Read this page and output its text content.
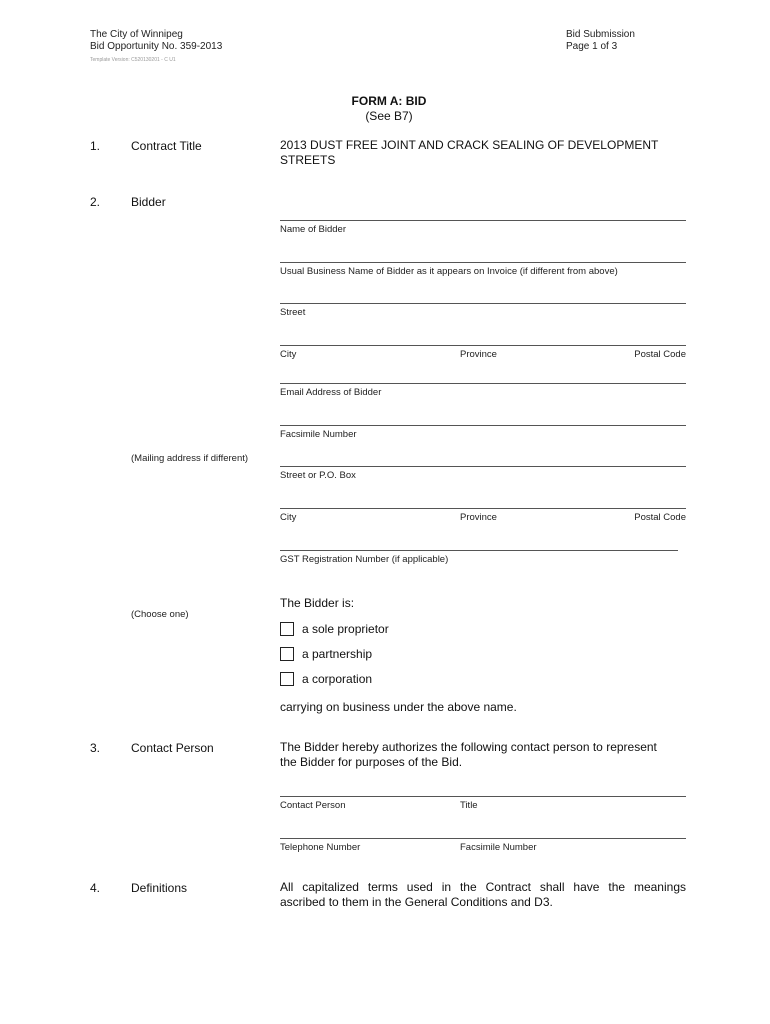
The City of Winnipeg
Bid Opportunity No. 359-2013
Template Version: C520130201 - C U1
Bid Submission
Page 1 of 3
FORM A: BID
(See B7)
1.	Contract Title	2013 DUST FREE JOINT AND CRACK SEALING OF DEVELOPMENT
STREETS
2.	Bidder
Name of Bidder
Usual Business Name of Bidder as it appears on Invoice (if different from above)
Street
City	Province	Postal Code
Email Address of Bidder
Facsimile Number
(Mailing address if different)
Street or P.O. Box
City	Province	Postal Code
GST Registration Number (if applicable)
(Choose one)
The Bidder is:
a sole proprietor
a partnership
a corporation
carrying on business under the above name.
3.	Contact Person	The Bidder hereby authorizes the following contact person to represent
the Bidder for purposes of the Bid.
Contact Person	Title
Telephone Number	Facsimile Number
4.	Definitions	All capitalized terms used in the Contract shall have the meanings
ascribed to them in the General Conditions and D3.
